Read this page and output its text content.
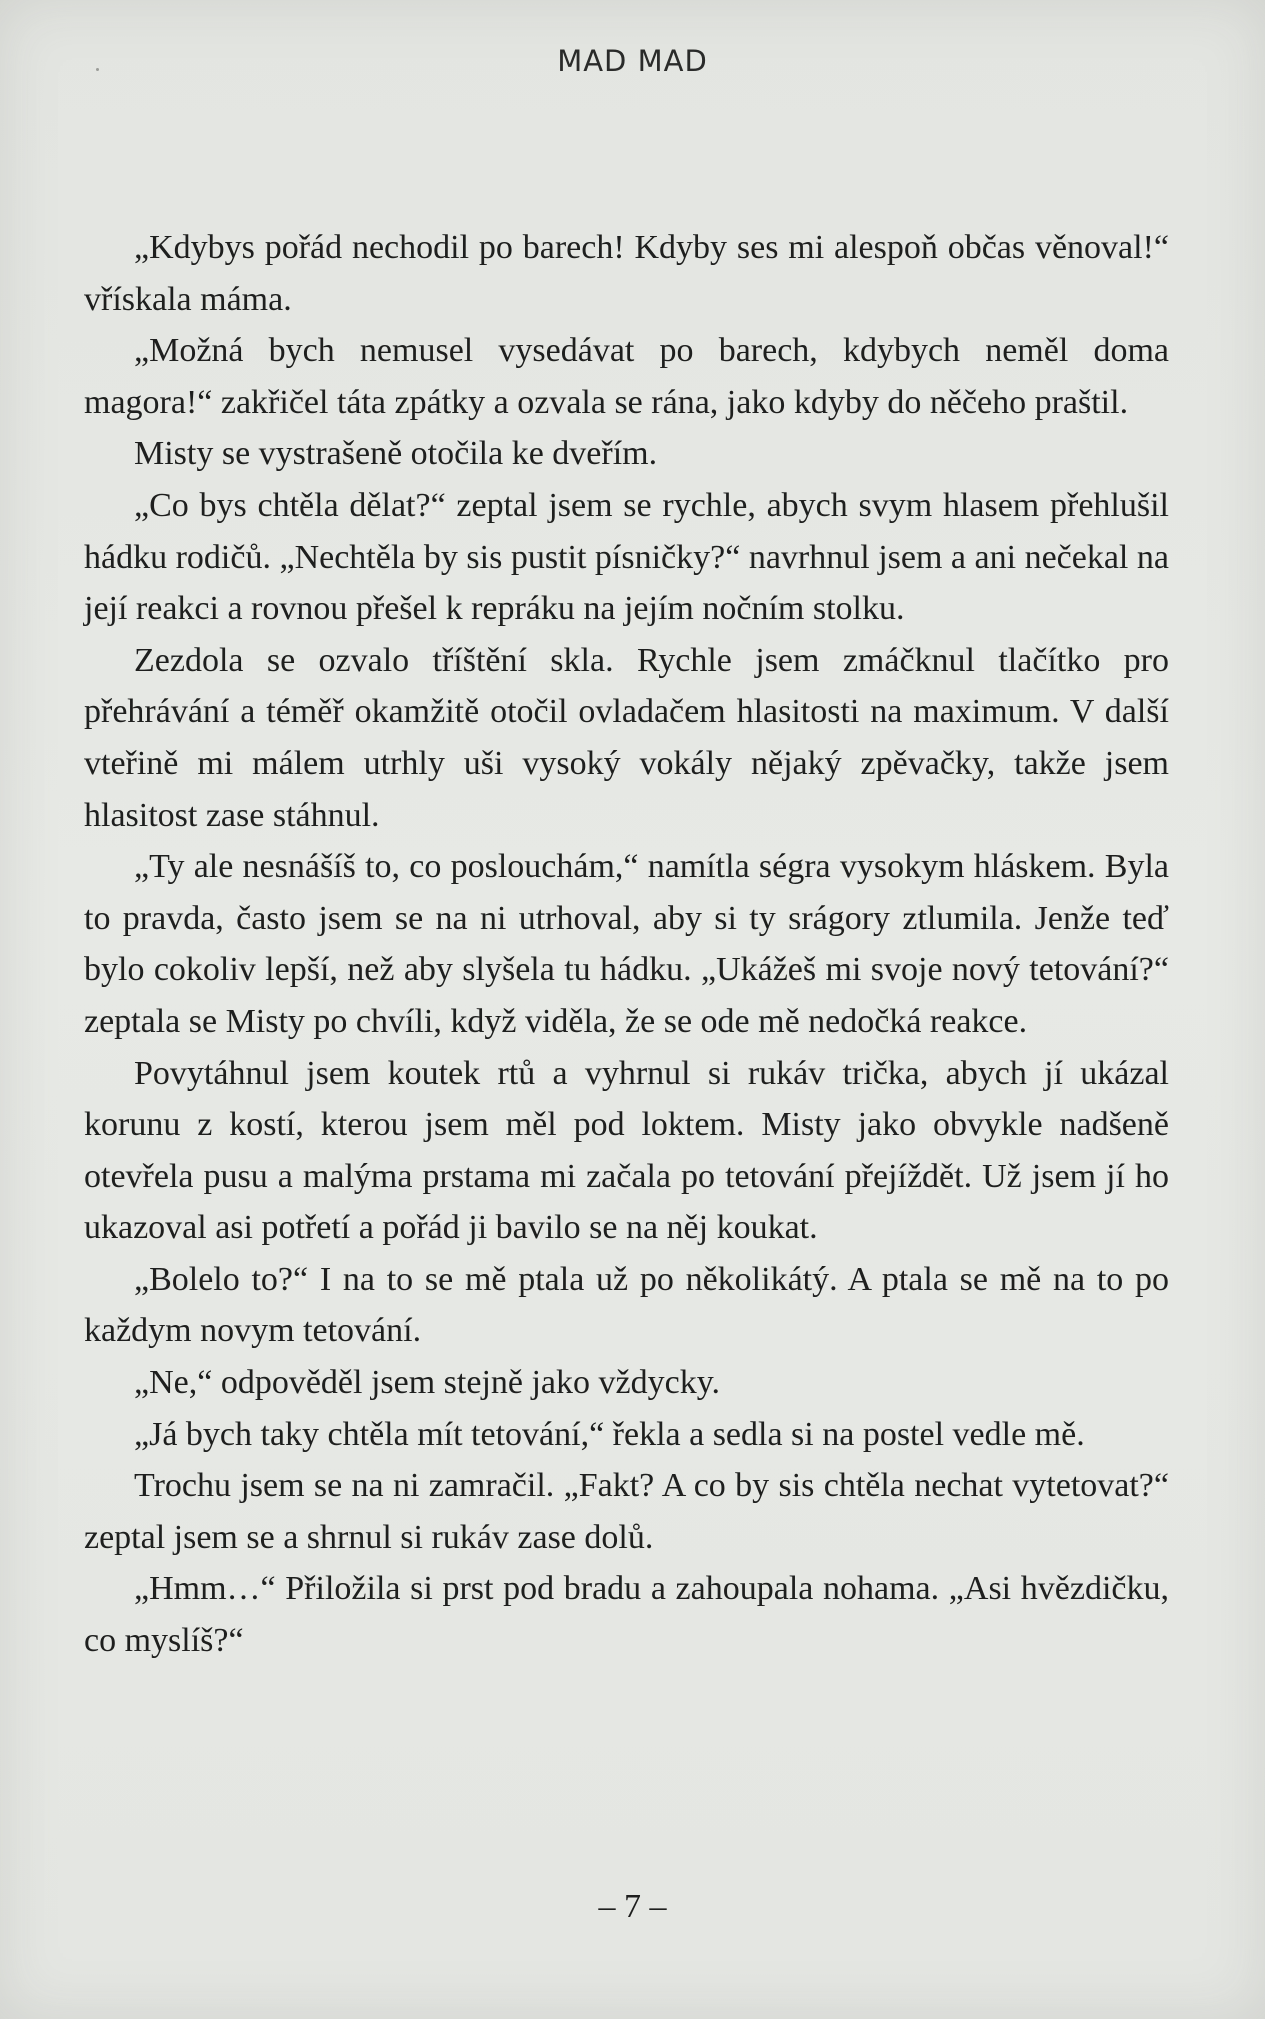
MAD MAD

„Kdybys pořád nechodil po barech! Kdyby ses mi alespoň občas věnoval!“ vřískala máma.

„Možná bych nemusel vysedávat po barech, kdybych neměl doma magora!“ zakřičel táta zpátky a ozvala se rána, jako kdyby do něčeho praštil.

Misty se vystrašeně otočila ke dveřím.

„Co bys chtěla dělat?“ zeptal jsem se rychle, abych svym hlasem přehlušil hádku rodičů. „Nechtěla by sis pustit písničky?“ navrhnul jsem a ani nečekal na její reakci a rovnou přešel k repráku na jejím nočním stolku.

Zezdola se ozvalo tříštění skla. Rychle jsem zmáčknul tlačítko pro přehrávání a téměř okamžitě otočil ovladačem hlasitosti na maximum. V další vteřině mi málem utrhly uši vysoký vokály nějaký zpěvačky, takže jsem hlasitost zase stáhnul.

„Ty ale nesnášíš to, co poslouchám,“ namítla ségra vysokym hláskem. Byla to pravda, často jsem se na ni utrhoval, aby si ty srágory ztlumila. Jenže teď bylo cokoliv lepší, než aby slyšela tu hádku. „Ukážeš mi svoje nový tetování?“ zeptala se Misty po chvíli, když viděla, že se ode mě nedočká reakce.

Povytáhnul jsem koutek rtů a vyhrnul si rukáv trička, abych jí ukázal korunu z kostí, kterou jsem měl pod loktem. Misty jako obvykle nadšeně otevřela pusu a malýma prstama mi začala po tetování přejíždět. Už jsem jí ho ukazoval asi potřetí a pořád ji bavilo se na něj koukat.

„Bolelo to?“ I na to se mě ptala už po několikátý. A ptala se mě na to po každym novym tetování.

„Ne,“ odpověděl jsem stejně jako vždycky.

„Já bych taky chtěla mít tetování,“ řekla a sedla si na postel vedle mě.

Trochu jsem se na ni zamračil. „Fakt? A co by sis chtěla nechat vytetovat?“ zeptal jsem se a shrnul si rukáv zase dolů.

„Hmm…“ Přiložila si prst pod bradu a zahoupala nohama. „Asi hvězdičku, co myslíš?“

– 7 –
